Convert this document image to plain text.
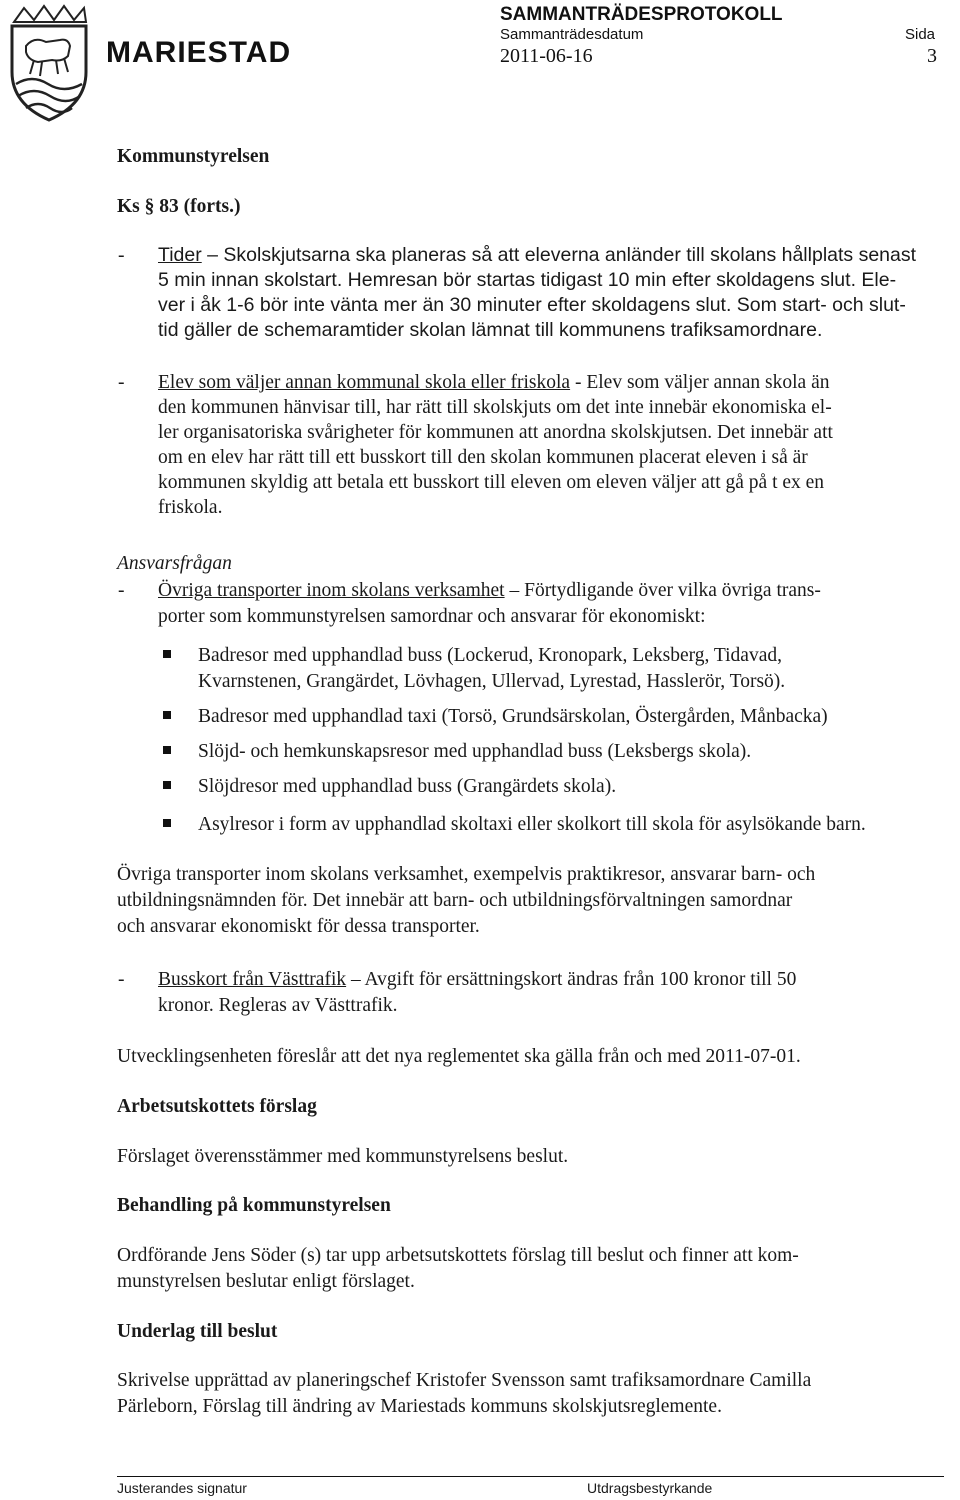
MARIESTAD
SAMMANTRÄDESPROTOKOLL
Sammanträdesdatum	Sida
2011-06-16	3
Kommunstyrelsen
Ks § 83 (forts.)
- Tider – Skolskjutsarna ska planeras så att eleverna anländer till skolans hållplats senast
5 min innan skolstart. Hemresan bör startas tidigast 10 min efter skoldagens slut. Ele-
ver i åk 1-6 bör inte vänta mer än 30 minuter efter skoldagens slut. Som start- och slut-
tid gäller de schemaramtider skolan lämnat till kommunens trafiksamordnare.
- Elev som väljer annan kommunal skola eller friskola - Elev som väljer annan skola än
den kommunen hänvisar till, har rätt till skolskjuts om det inte innebär ekonomiska el-
ler organisatoriska svårigheter för kommunen att anordna skolskjutsen. Det innebär att
om en elev har rätt till ett busskort till den skolan kommunen placerat eleven i så är
kommunen skyldig att betala ett busskort till eleven om eleven väljer att gå på t ex en
friskola.
Ansvarsfrågan
- Övriga transporter inom skolans verksamhet – Förtydligande över vilka övriga trans-
porter som kommunstyrelsen samordnar och ansvarar för ekonomiskt:
Badresor med upphandlad buss (Lockerud, Kronopark, Leksberg, Tidavad,
Kvarnstenen, Grangärdet, Lövhagen, Ullervad, Lyrestad, Hasslerör, Torsö).
Badresor med upphandlad taxi (Torsö, Grundsärskolan, Östergården, Månbacka)
Slöjd- och hemkunskapsresor med upphandlad buss (Leksbergs skola).
Slöjdresor med upphandlad buss (Grangärdets skola).
Asylresor i form av upphandlad skoltaxi eller skolkort till skola för asylsökande barn.
Övriga transporter inom skolans verksamhet, exempelvis praktikresor, ansvarar barn- och
utbildningsnämnden för. Det innebär att barn- och utbildningsförvaltningen samordnar
och ansvarar ekonomiskt för dessa transporter.
- Busskort från Västtrafik – Avgift för ersättningskort ändras från 100 kronor till 50
kronor. Regleras av Västtrafik.
Utvecklingsenheten föreslår att det nya reglementet ska gälla från och med 2011-07-01.
Arbetsutskottets förslag
Förslaget överensstämmer med kommunstyrelsens beslut.
Behandling på kommunstyrelsen
Ordförande Jens Söder (s) tar upp arbetsutskottets förslag till beslut och finner att kom-
munstyrelsen beslutar enligt förslaget.
Underlag till beslut
Skrivelse upprättad av planeringschef Kristofer Svensson samt trafiksamordnare Camilla
Pärleborn, Förslag till ändring av Mariestads kommuns skolskjutsreglemente.
Justerandes signatur	Utdragsbestyrkande
